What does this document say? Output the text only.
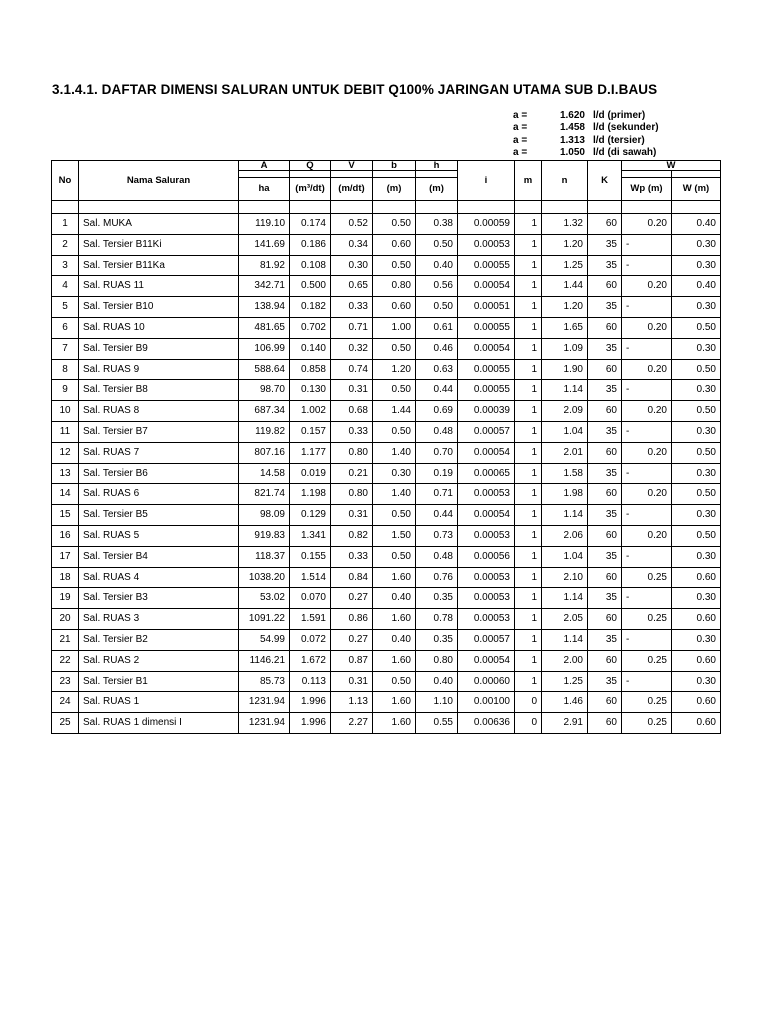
3.1.4.1. DAFTAR DIMENSI SALURAN UNTUK DEBIT Q100% JARINGAN UTAMA SUB D.I.BAUS
a =	1.620 l/d (primer)
a =	1.458 l/d (sekunder)
a =	1.313 l/d (tersier)
a =	1.050 l/d (di sawah)
No	Nama Saluran	A	Q	V	b	h	i	m	n	K	W	

		ha	(m³/dt)	(m/dt)	(m)	(m)					Wp (m)	W (m)

1	Sal. MUKA	119.10	0.174	0.52	0.50	0.38	0.00059	1	1.32	60	0.20	0.40
2	Sal. Tersier B11Ki	141.69	0.186	0.34	0.60	0.50	0.00053	1	1.20	35	-	0.30
3	Sal. Tersier B11Ka	81.92	0.108	0.30	0.50	0.40	0.00055	1	1.25	35	-	0.30
4	Sal. RUAS 11	342.71	0.500	0.65	0.80	0.56	0.00054	1	1.44	60	0.20	0.40
5	Sal. Tersier B10	138.94	0.182	0.33	0.60	0.50	0.00051	1	1.20	35	-	0.30
6	Sal. RUAS 10	481.65	0.702	0.71	1.00	0.61	0.00055	1	1.65	60	0.20	0.50
7	Sal. Tersier B9	106.99	0.140	0.32	0.50	0.46	0.00054	1	1.09	35	-	0.30
8	Sal. RUAS 9	588.64	0.858	0.74	1.20	0.63	0.00055	1	1.90	60	0.20	0.50
9	Sal. Tersier B8	98.70	0.130	0.31	0.50	0.44	0.00055	1	1.14	35	-	0.30
10	Sal. RUAS 8	687.34	1.002	0.68	1.44	0.69	0.00039	1	2.09	60	0.20	0.50
11	Sal. Tersier B7	119.82	0.157	0.33	0.50	0.48	0.00057	1	1.04	35	-	0.30
12	Sal. RUAS 7	807.16	1.177	0.80	1.40	0.70	0.00054	1	2.01	60	0.20	0.50
13	Sal. Tersier B6	14.58	0.019	0.21	0.30	0.19	0.00065	1	1.58	35	-	0.30
14	Sal. RUAS 6	821.74	1.198	0.80	1.40	0.71	0.00053	1	1.98	60	0.20	0.50
15	Sal. Tersier B5	98.09	0.129	0.31	0.50	0.44	0.00054	1	1.14	35	-	0.30
16	Sal. RUAS 5	919.83	1.341	0.82	1.50	0.73	0.00053	1	2.06	60	0.20	0.50
17	Sal. Tersier B4	118.37	0.155	0.33	0.50	0.48	0.00056	1	1.04	35	-	0.30
18	Sal. RUAS 4	1038.20	1.514	0.84	1.60	0.76	0.00053	1	2.10	60	0.25	0.60
19	Sal. Tersier B3	53.02	0.070	0.27	0.40	0.35	0.00053	1	1.14	35	-	0.30
20	Sal. RUAS 3	1091.22	1.591	0.86	1.60	0.78	0.00053	1	2.05	60	0.25	0.60
21	Sal. Tersier B2	54.99	0.072	0.27	0.40	0.35	0.00057	1	1.14	35	-	0.30
22	Sal. RUAS 2	1146.21	1.672	0.87	1.60	0.80	0.00054	1	2.00	60	0.25	0.60
23	Sal. Tersier B1	85.73	0.113	0.31	0.50	0.40	0.00060	1	1.25	35	-	0.30
24	Sal. RUAS 1	1231.94	1.996	1.13	1.60	1.10	0.00100	0	1.46	60	0.25	0.60
25	Sal. RUAS 1 dimensi I	1231.94	1.996	2.27	1.60	0.55	0.00636	0	2.91	60	0.25	0.60
